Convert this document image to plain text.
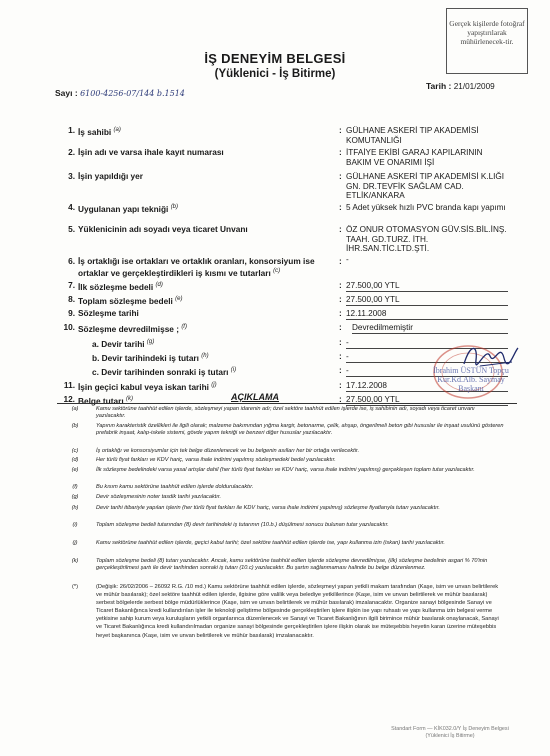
Gerçek kişilerde fotoğraf yapıştırılarak mühürlenecek-tir.
İŞ DENEYİM BELGESİ
(Yüklenici - İş Bitirme)
Sayı : 6100-4256-07/144 b.1514
Tarih : 21/01/2009
1. İş sahibi $^{(a)}$	: GÜLHANE ASKERİ TIP AKADEMİSİ KOMUTANLIĞI
2. İşin adı ve varsa ihale kayıt numarası	: İTFAİYE EKİBİ GARAJ KAPILARININ BAKIM VE ONARIMI İŞİ
3. İşin yapıldığı yer	: GÜLHANE ASKERİ TIP AKADEMİSİ K.LIĞI GN. DR.TEVFİK SAĞLAM CAD. ETLİK/ANKARA
4. Uygulanan yapı tekniği $^{(b)}$	: 5 Adet yüksek hızlı PVC branda kapı yapımı
5. Yüklenicinin adı soyadı veya ticaret Unvanı	: ÖZ ONUR OTOMASYON GÜV.SİS.BİL.İNŞ. TAAH. GD.TURZ. İTH. İHR.SAN.TİC.LTD.ŞTİ.
6. İş ortaklığı ise ortakları ve ortaklık oranları, konsorsiyum ise ortaklar ve gerçekleştirdikleri iş kısmı ve tutarları $^{(c)}$
: -
7. İlk sözleşme bedeli $^{(d)}$	: 27.500,00 YTL
8. Toplam sözleşme bedeli $^{(e)}$	: 27.500,00 YTL
9. Sözleşme tarihi	: 12.11.2008
10. Sözleşme devredilmişse ; $^{(f)}$	: Devredilmemiştir
a. Devir tarihi $^{(g)}$	: -
b. Devir tarihindeki iş tutarı $^{(h)}$	: -
c. Devir tarihinden sonraki iş tutarı $^{(i)}$	: -
11. İşin geçici kabul veya iskan tarihi $^{(j)}$	: 17.12.2008
12. Belge tutarı $^{(k)}$	: 27.500,00 YTL
İbrahim ÜSTÜN Topçu Kur.Kd.Alb. Saymay Başkanı
AÇIKLAMA
(a)	Kamu sektörüne taahhüt edilen işlerde, sözleşmeyi yapan idarenin adı; özel sektöre taahhüt edilen işlerde ise, iş sahibinin adı, soyadı veya ticaret unvanı yazılacaktır.
(b)	Yapının karakteristik özellikleri ile ilgili olarak; malzeme bakımından yığma kargir, betonarme, çelik, ahşap, öngerilmeli beton gibi hususlar ile inşaat usulünü gösteren prefabrik inşaat, kalıp-iskele sistemi, gövde yapım tekniği ve benzeri diğer hususlar yazılacaktır.
(c)	İş ortaklığı ve konsorsiyumlar için tek belge düzenlenecek ve bu belgenin asılları her bir ortağa verilecektir.
(d)	Her türlü fiyat farkları ve KDV hariç, varsa ihale indirimi yapılmış sözleşmedeki bedel yazılacaktır.
(e)	İlk sözleşme bedelindeki varsa yasal artışlar dahil (her türlü fiyat farkları ve KDV hariç, varsa ihale indirimi yapılmış) gerçekleşen toplam tutar yazılacaktır.
(f)	Bu kısım kamu sektörüne taahhüt edilen işlerde doldurulacaktır.
(g)	Devir sözleşmesinin noter tasdik tarihi yazılacaktır.
(h)	Devir tarihi itibariyle yapılan işlerin (her türlü fiyat farkları ile KDV hariç, varsa ihale indirimi yapılmış) sözleşme fiyatlarıyla tutarı yazılacaktır.
(i)	Toplam sözleşme bedeli tutarından (8) devir tarihindeki iş tutarının (10.b.) düşülmesi sonucu bulunan tutar yazılacaktır.
(j)	Kamu sektörüne taahhüt edilen işlerde, geçici kabul tarihi; özel sektöre taahhüt edilen işlerde ise, yapı kullanma izin (iskan) tarihi yazılacaktır.
(k)	Toplam sözleşme bedeli (8) tutarı yazılacaktır. Ancak, kamu sektörüne taahhüt edilen işlerde sözleşme devredilmişse, (ilk) sözleşme bedelinin asgari % 70'inin gerçekleştirilmesi şartı ile devir tarihinden sonraki iş tutarı (10.c) yazılacaktır. Bu şartın sağlanmaması halinde bu belge düzenlenmez.
(*)	(Değişik: 26/02/2006 – 26092 R.G. /10 md.) Kamu sektörüne taahhüt edilen işlerde, sözleşmeyi yapan yetkili makam tarafından (Kaşe, isim ve unvan belirtilerek ve mühür basılarak); özel sektöre taahhüt edilen işlerde, ilgisine göre valilik veya belediye yetkililerince (Kaşe, isim ve unvan belirtilerek ve mühür basılarak) serbest bölgelerde serbest bölge müdürlüklerince (Kaşe, isim ve unvan belirtilerek ve mühür basılarak) imzalanacaktır. Organize sanayi bölgesinde Sanayi ve Ticaret Bakanlığınca kredi kullandırılan işler ile teknoloji geliştirme bölgesinde gerçekleştirilen işlere ilişkin ise yapı ruhsatı ve yapı kullanma izin belgesi verme yetkisine sahip kurum veya kuruluşların yetkili organlarınca düzenlenecek ve Sanayi ve Ticaret Bakanlığının ilgili birimince mühür basılarak onaylanacak, Sanayi ve Ticaret Bakanlığınca kredi kullandırılmadan organize sanayi bölgesinde gerçekleştirilen işlere ilişkin olarak ise müteşebbis heyetin karan üzerine müteşebbis heyet başkanınca (Kaşe, isim ve unvan belirtilerek ve mühür basılarak) imzalanacaktır.
Standart Form — KİK032.0/Y İş Deneyim Belgesi (Yüklenici İş Bitirme)
